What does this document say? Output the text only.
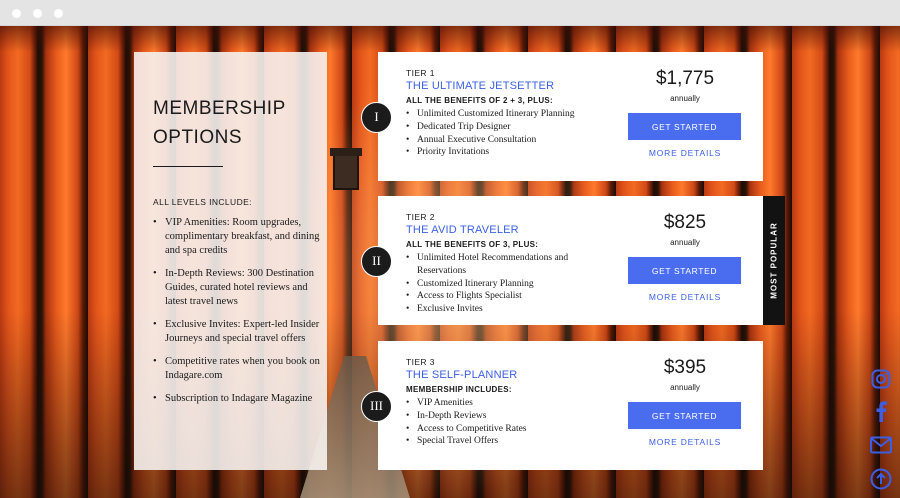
MEMBERSHIP
OPTIONS
ALL LEVELS INCLUDE:
• VIP Amenities: Room upgrades, complimentary breakfast, and dining and spa credits
• In-Depth Reviews: 300 Destination Guides, curated hotel reviews and latest travel news
• Exclusive Invites: Expert-led Insider Journeys and special travel offers
• Competitive rates when you book on Indagare.com
• Subscription to Indagare Magazine
I
TIER 1
THE ULTIMATE JETSETTER
ALL THE BENEFITS OF 2 + 3, PLUS:
• Unlimited Customized Itinerary Planning
• Dedicated Trip Designer
• Annual Executive Consultation
• Priority Invitations
$1,775
annually
GET STARTED
MORE DETAILS
II
TIER 2
THE AVID TRAVELER
ALL THE BENEFITS OF 3, PLUS:
• Unlimited Hotel Recommendations and Reservations
• Customized Itinerary Planning
• Access to Flights Specialist
• Exclusive Invites
$825
annually
GET STARTED
MORE DETAILS	MOST POPULAR
III
TIER 3
THE SELF-PLANNER
MEMBERSHIP INCLUDES:
• VIP Amenities
• In-Depth Reviews
• Access to Competitive Rates
• Special Travel Offers
$395
annually
GET STARTED
MORE DETAILS
